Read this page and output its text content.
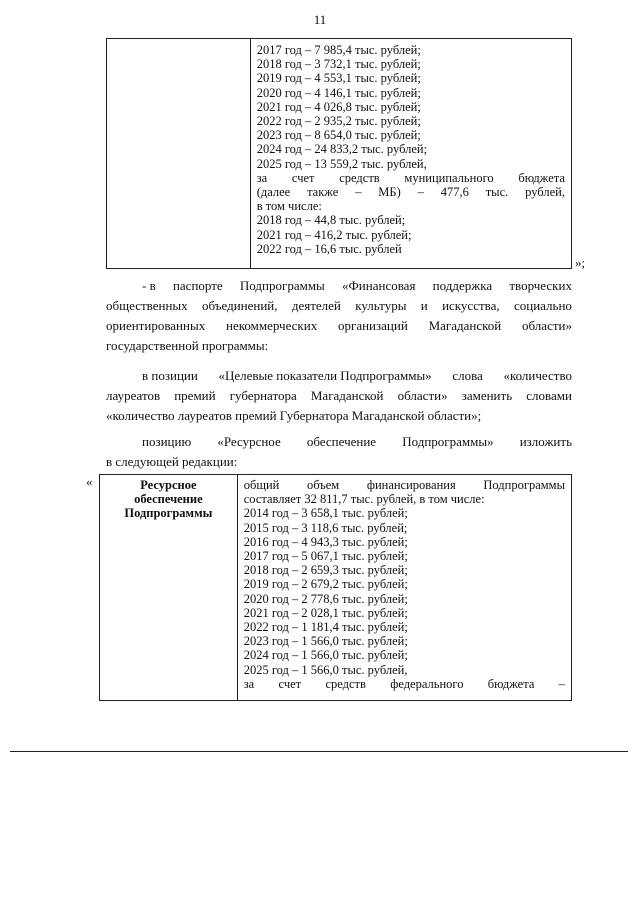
11
2017 год – 7 985,4 тыс. рублей;
2018 год – 3 732,1 тыс. рублей;
2019 год – 4 553,1 тыс. рублей;
2020 год – 4 146,1 тыс. рублей;
2021 год – 4 026,8 тыс. рублей;
2022 год – 2 935,2 тыс. рублей;
2023 год – 8 654,0 тыс. рублей;
2024 год – 24 833,2 тыс. рублей;
2025 год – 13 559,2 тыс. рублей,
за счет средств муниципального бюджета
(далее также – МБ) – 477,6 тыс. рублей,
в том числе:
2018 год – 44,8 тыс. рублей;
2021 год – 416,2 тыс. рублей;
2022 год – 16,6 тыс. рублей
»;
- в паспорте Подпрограммы «Финансовая поддержка творческих
общественных объединений, деятелей культуры и искусства, социально
ориентированных некоммерческих организаций Магаданской области»
государственной программы:
в позиции «Целевые показатели Подпрограммы» слова «количество
лауреатов премий губернатора Магаданской области» заменить словами
«количество лауреатов премий Губернатора Магаданской области»;
позицию «Ресурсное обеспечение Подпрограммы» изложить
в следующей редакции:
«	Ресурсное
обеспечение
Подпрограммы
общий объем финансирования Подпрограммы
составляет 32 811,7 тыс. рублей, в том числе:
2014 год – 3 658,1 тыс. рублей;
2015 год – 3 118,6 тыс. рублей;
2016 год – 4 943,3 тыс. рублей;
2017 год – 5 067,1 тыс. рублей;
2018 год – 2 659,3 тыс. рублей;
2019 год – 2 679,2 тыс. рублей;
2020 год – 2 778,6 тыс. рублей;
2021 год – 2 028,1 тыс. рублей;
2022 год – 1 181,4 тыс. рублей;
2023 год – 1 566,0 тыс. рублей;
2024 год – 1 566,0 тыс. рублей;
2025 год – 1 566,0 тыс. рублей,
за счет средств федерального бюджета –
